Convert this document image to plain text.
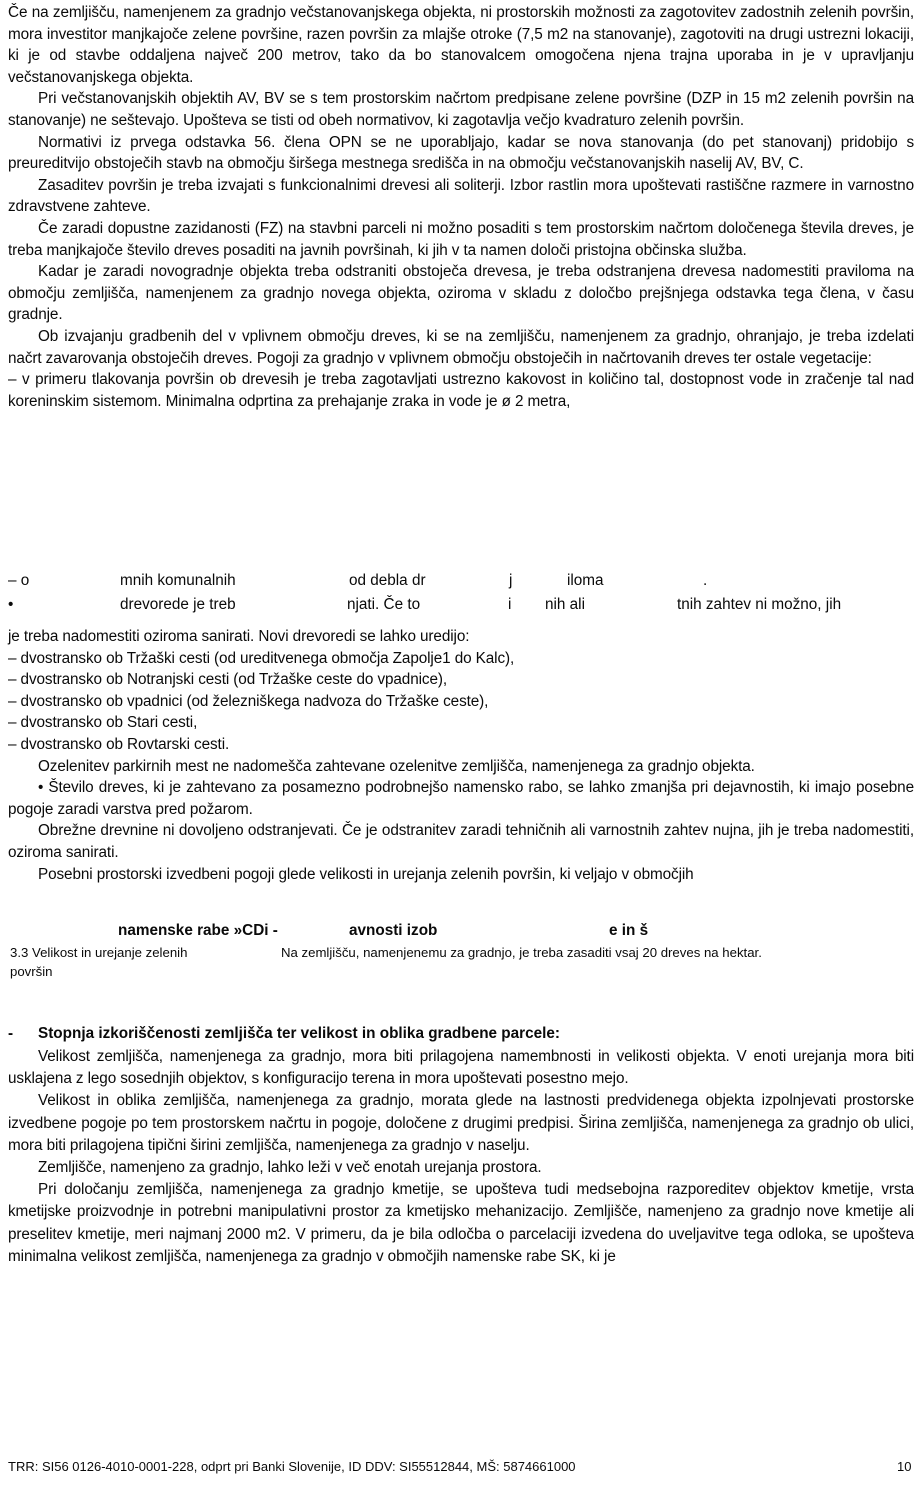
Če na zemljišču, namenjenem za gradnjo večstanovanjskega objekta, ni prostorskih možnosti za zagotovitev zadostnih zelenih površin, mora investitor manjkajoče zelene površine, razen površin za mlajše otroke (7,5 m2 na stanovanje), zagotoviti na drugi ustrezni lokaciji, ki je od stavbe oddaljena največ 200 metrov, tako da bo stanovalcem omogočena njena trajna uporaba in je v upravljanju večstanovanjskega objekta.

Pri večstanovanjskih objektih AV, BV se s tem prostorskim načrtom predpisane zelene površine (DZP in 15 m2 zelenih površin na stanovanje) ne seštevajo. Upošteva se tisti od obeh normativov, ki zagotavlja večjo kvadraturo zelenih površin.

Normativi iz prvega odstavka 56. člena OPN se ne uporabljajo, kadar se nova stanovanja (do pet stanovanj) pridobijo s preureditvijo obstoječih stavb na območju širšega mestnega središča in na območju večstanovanjskih naselij AV, BV, C.

Zasaditev površin je treba izvajati s funkcionalnimi drevesi ali soliterji. Izbor rastlin mora upoštevati rastiščne razmere in varnostno zdravstvene zahteve.

Če zaradi dopustne zazidanosti (FZ) na stavbni parceli ni možno posaditi s tem prostorskim načrtom določenega števila dreves, je treba manjkajoče število dreves posaditi na javnih površinah, ki jih v ta namen določi pristojna občinska služba.

Kadar je zaradi novogradnje objekta treba odstraniti obstoječa drevesa, je treba odstranjena drevesa nadomestiti praviloma na območju zemljišča, namenjenem za gradnjo novega objekta, oziroma v skladu z določbo prejšnjega odstavka tega člena, v času gradnje.

Ob izvajanju gradbenih del v vplivnem območju dreves, ki se na zemljišču, namenjenem za gradnjo, ohranjajo, je treba izdelati načrt zavarovanja obstoječih dreves. Pogoji za gradnjo v vplivnem območju obstoječih in načrtovanih dreves ter ostale vegetacije:

– v primeru tlakovanja površin ob drevesih je treba zagotavljati ustrezno kakovost in količino tal, dostopnost vode in zračenje tal nad koreninskim sistemom. Minimalna odprtina za prehajanje zraka in vode je ø 2 metra,

– o	mnih komunalnih	od debla dr	j	iloma	.
•	drevorede je treb	njati. Če to	i nih ali	tnih zahtev ni možno, jih

je treba nadomestiti oziroma sanirati. Novi drevoredi se lahko uredijo:

– dvostransko ob Tržaški cesti (od ureditvenega območja Zapolje1 do Kalc),

– dvostransko ob Notranjski cesti (od Tržaške ceste do vpadnice),

– dvostransko ob vpadnici (od železniškega nadvoza do Tržaške ceste),

– dvostransko ob Stari cesti,

– dvostransko ob Rovtarski cesti.

Ozelenitev parkirnih mest ne nadomešča zahtevane ozelenitve zemljišča, namenjenega za gradnjo objekta.

• Število dreves, ki je zahtevano za posamezno podrobnejšo namensko rabo, se lahko zmanjša pri dejavnostih, ki imajo posebne pogoje zaradi varstva pred požarom.

Obrežne drevnine ni dovoljeno odstranjevati. Če je odstranitev zaradi tehničnih ali varnostnih zahtev nujna, jih je treba nadomestiti, oziroma sanirati.

Posebni prostorski izvedbeni pogoji glede velikosti in urejanja zelenih površin, ki veljajo v območjih

namenske rabe »CDi -	avnosti izob	e in š
3.3 Velikost in urejanje zelenih površin
Na zemljišču, namenjenemu za gradnjo, je treba zasaditi vsaj 20 dreves na hektar.
- Stopnja izkoriščenosti zemljišča ter velikost in oblika gradbene parcele:

Velikost zemljišča, namenjenega za gradnjo, mora biti prilagojena namembnosti in velikosti objekta. V enoti urejanja mora biti usklajena z lego sosednjih objektov, s konfiguracijo terena in mora upoštevati posestno mejo.

Velikost in oblika zemljišča, namenjenega za gradnjo, morata glede na lastnosti predvidenega objekta izpolnjevati prostorske izvedbene pogoje po tem prostorskem načrtu in pogoje, določene z drugimi predpisi. Širina zemljišča, namenjenega za gradnjo ob ulici, mora biti prilagojena tipični širini zemljišča, namenjenega za gradnjo v naselju.

Zemljišče, namenjeno za gradnjo, lahko leži v več enotah urejanja prostora.

Pri določanju zemljišča, namenjenega za gradnjo kmetije, se upošteva tudi medsebojna razporeditev objektov kmetije, vrsta kmetijske proizvodnje in potrebni manipulativni prostor za kmetijsko mehanizacijo. Zemljišče, namenjeno za gradnjo nove kmetije ali preselitev kmetije, meri najmanj 2000 m2. V primeru, da je bila odločba o parcelaciji izvedena do uveljavitve tega odloka, se upošteva minimalna velikost zemljišča, namenjenega za gradnjo v območjih namenske rabe SK, ki je

TRR: SI56 0126-4010-0001-228, odprt pri Banki Slovenije, ID DDV: SI55512844, MŠ: 5874661000	10
